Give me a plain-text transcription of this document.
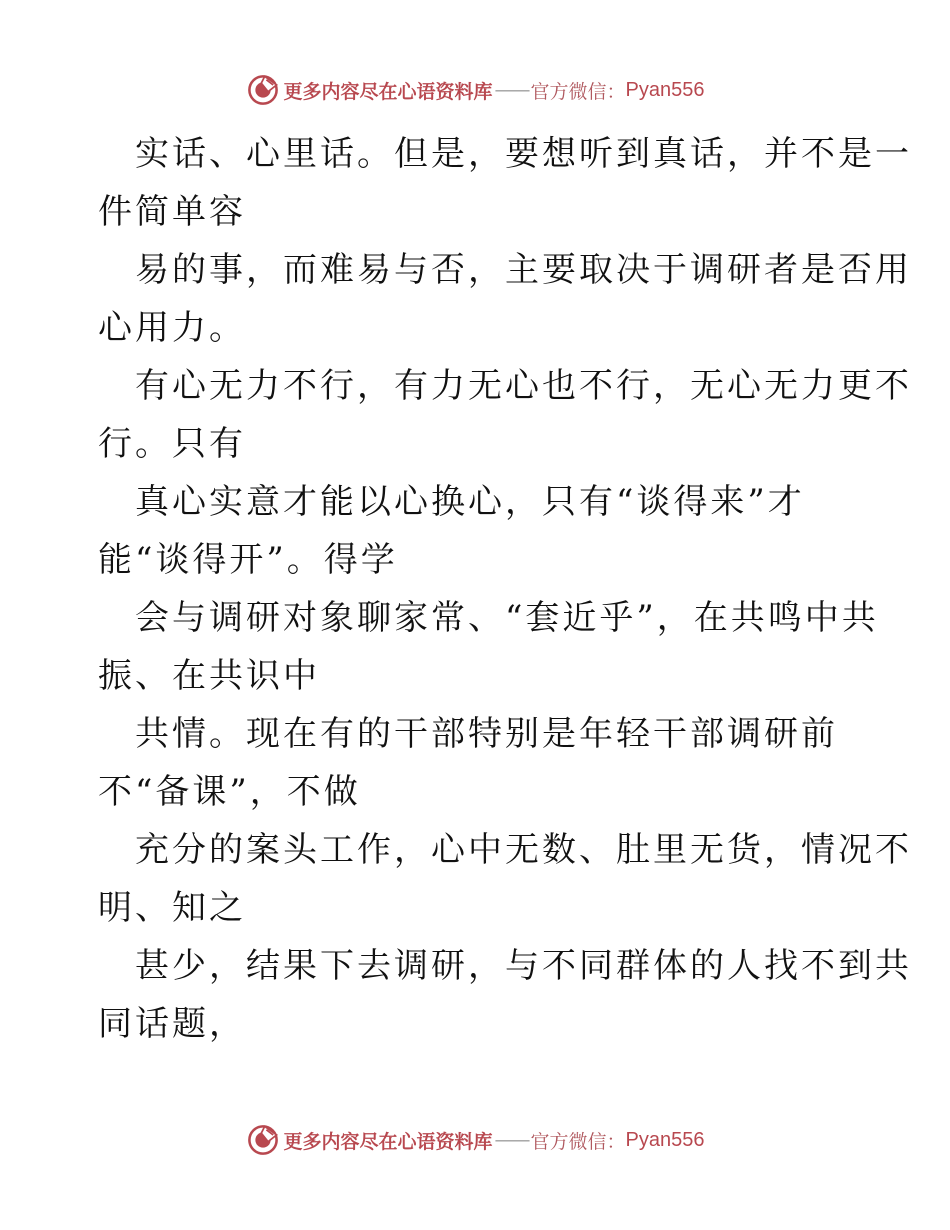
更多内容尽在心语资料库 —— 官方微信： Pyan556
实话、心里话。但是，要想听到真话，并不是一
件简单容
易的事，而难易与否，主要取决于调研者是否用
心用力。
有心无力不行，有力无心也不行，无心无力更不
行。只有
真心实意才能以心换心，只有“谈得来”才
能“谈得开”。得学
会与调研对象聊家常、“套近乎”，在共鸣中共
振、在共识中
共情。现在有的干部特别是年轻干部调研前
不“备课”，不做
充分的案头工作，心中无数、肚里无货，情况不
明、知之
甚少，结果下去调研，与不同群体的人找不到共
同话题，
更多内容尽在心语资料库 —— 官方微信： Pyan556
